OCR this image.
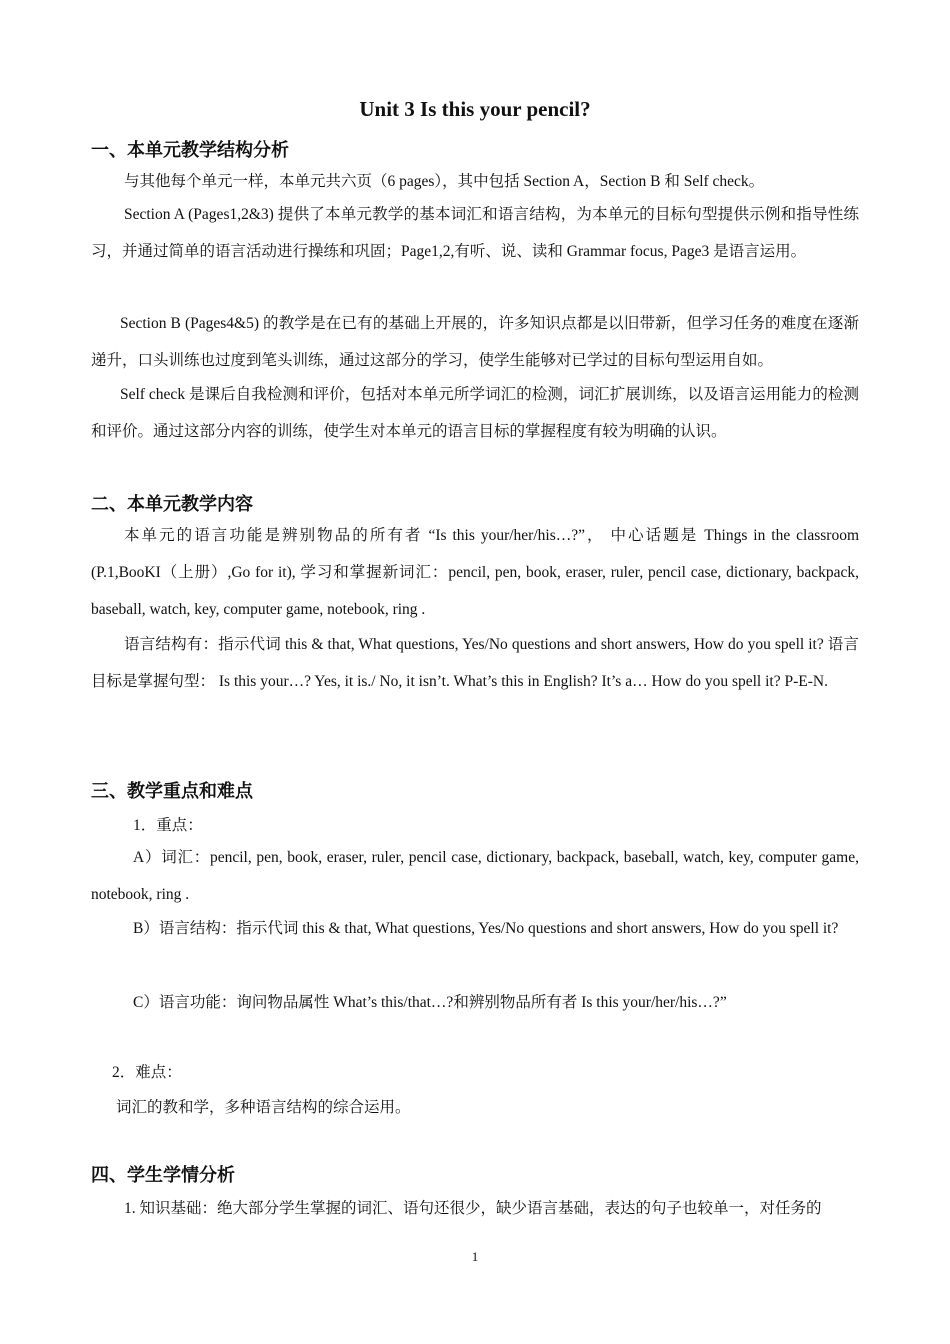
Unit 3 Is this your pencil?
一、本单元教学结构分析
与其他每个单元一样，本单元共六页（6 pages），其中包括 Section A，Section B 和 Self check。
Section A (Pages1,2&3) 提供了本单元教学的基本词汇和语言结构，为本单元的目标句型提供示例和指导性练习，并通过简单的语言活动进行操练和巩固；Page1,2,有听、说、读和 Grammar focus, Page3 是语言运用。
Section B (Pages4&5) 的教学是在已有的基础上开展的，许多知识点都是以旧带新，但学习任务的难度在逐渐递升，口头训练也过度到笔头训练，通过这部分的学习，使学生能够对已学过的目标句型运用自如。
Self check 是课后自我检测和评价，包括对本单元所学词汇的检测，词汇扩展训练，以及语言运用能力的检测和评价。通过这部分内容的训练，使学生对本单元的语言目标的掌握程度有较为明确的认识。
二、本单元教学内容
本单元的语言功能是辨别物品的所有者 “Is this your/her/his…?”， 中心话题是 Things in the classroom (P.1,BooKI（上册）,Go for it), 学习和掌握新词汇：pencil, pen, book, eraser, ruler, pencil case, dictionary, backpack, baseball, watch, key, computer game, notebook, ring .
语言结构有：指示代词 this & that, What questions, Yes/No questions and short answers, How do you spell it? 语言目标是掌握句型： Is this your…? Yes, it is./ No, it isn’t. What’s this in English? It’s a… How do you spell it? P-E-N.
三、教学重点和难点
1．重点：
A）词汇：pencil, pen, book, eraser, ruler, pencil case, dictionary, backpack, baseball, watch, key, computer game, notebook, ring .
B）语言结构：指示代词 this & that, What questions, Yes/No questions and short answers, How do you spell it?
C）语言功能：询问物品属性 What’s this/that…?和辨别物品所有者 Is this your/her/his…?”
2．难点：
词汇的教和学，多种语言结构的综合运用。
四、学生学情分析
1. 知识基础：绝大部分学生掌握的词汇、语句还很少，缺少语言基础，表达的句子也较单一，对任务的
1
